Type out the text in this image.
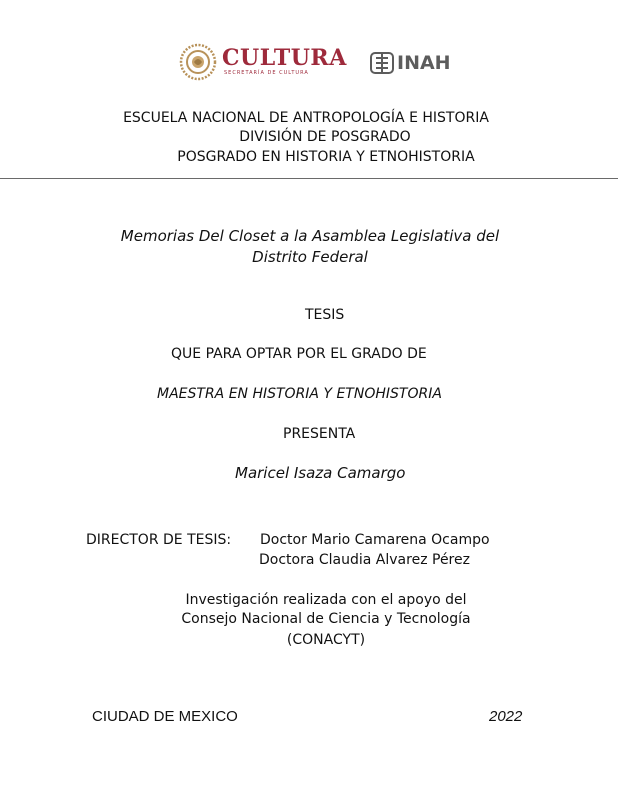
CULTURA
SECRETARÍA DE CULTURA	INAH
ESCUELA NACIONAL DE ANTROPOLOGÍA E HISTORIA
DIVISIÓN DE POSGRADO
POSGRADO EN HISTORIA Y ETNOHISTORIA
Memorias Del Closet a la Asamblea Legislativa del
Distrito Federal
TESIS
QUE PARA OPTAR POR EL GRADO DE
MAESTRA EN HISTORIA Y ETNOHISTORIA
PRESENTA
Maricel Isaza Camargo
DIRECTOR DE TESIS: Doctor Mario Camarena Ocampo
Doctora Claudia Alvarez Pérez
Investigación realizada con el apoyo del
Consejo Nacional de Ciencia y Tecnología
(CONACYT)
CIUDAD DE MEXICO	2022
